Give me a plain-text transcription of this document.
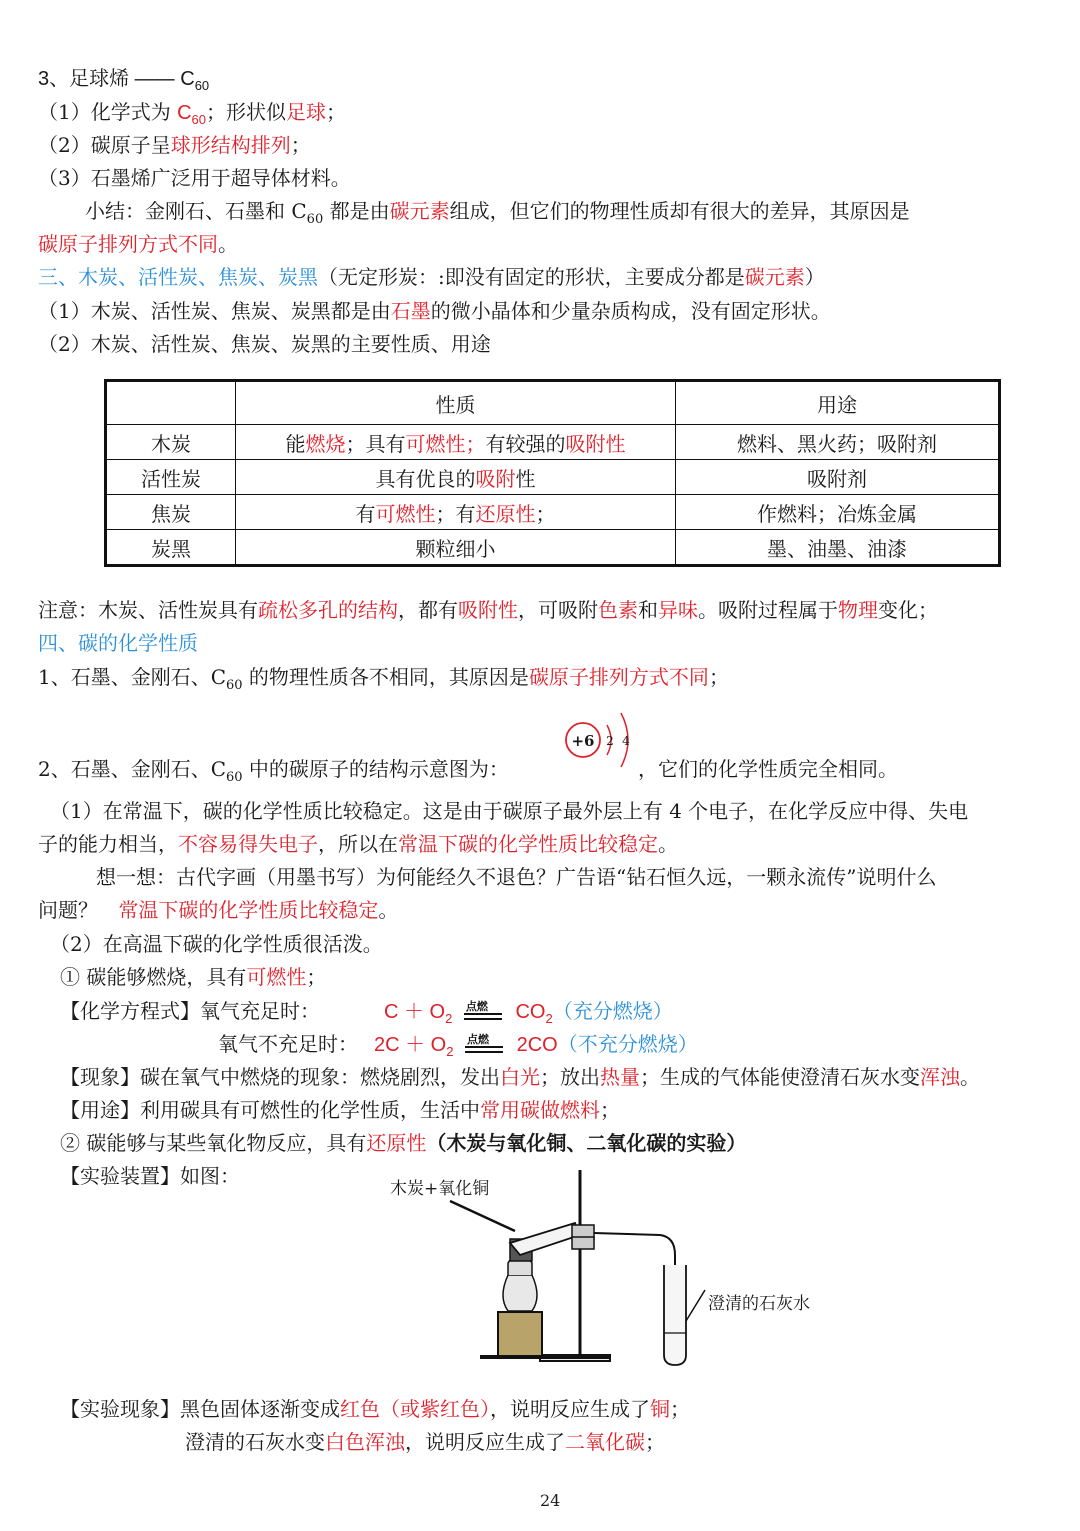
3、足球烯 —— $C_{60}$
（1）化学式为 $C_{60}$；形状似足球；
（2）碳原子呈球形结构排列；
（3）石墨烯广泛用于超导体材料。
小结：金刚石、石墨和 $C_{60}$ 都是由碳元素组成，但它们的物理性质却有很大的差异，其原因是
碳原子排列方式不同。
三、木炭、活性炭、焦炭、炭黑（无定形炭：:即没有固定的形状，主要成分都是碳元素）
（1）木炭、活性炭、焦炭、炭黑都是由石墨的微小晶体和少量杂质构成，没有固定形状。
（2）木炭、活性炭、焦炭、炭黑的主要性质、用途
	性质	用途
木炭	能燃烧；具有可燃性；有较强的吸附性	燃料、黑火药；吸附剂
活性炭	具有优良的吸附性	吸附剂
焦炭	有可燃性；有还原性；	作燃料；冶炼金属
炭黑	颗粒细小	墨、油墨、油漆
注意：木炭、活性炭具有疏松多孔的结构，都有吸附性，可吸附色素和异味。吸附过程属于物理变化；
四、碳的化学性质
1、石墨、金刚石、$C_{60}$ 的物理性质各不相同，其原因是碳原子排列方式不同；
+6 2 4
2、石墨、金刚石、$C_{60}$ 中的碳原子的结构示意图为：	，它们的化学性质完全相同。
（1）在常温下，碳的化学性质比较稳定。这是由于碳原子最外层上有 4 个电子，在化学反应中得、失电
子的能力相当，不容易得失电子，所以在常温下碳的化学性质比较稳定。
想一想：古代字画（用墨书写）为何能经久不退色？广告语“钻石恒久远，一颗永流传”说明什么
问题？ 常温下碳的化学性质比较稳定。
（2）在高温下碳的化学性质很活泼。
① 碳能够燃烧，具有可燃性；
【化学方程式】氧气充足时：	$C + O_2$
点燃 $CO_2$（充分燃烧）
氧气不充足时： $2C + O_2$
点燃 2CO（不充分燃烧）
【现象】碳在氧气中燃烧的现象：燃烧剧烈，发出白光；放出热量；生成的气体能使澄清石灰水变浑浊。
【用途】利用碳具有可燃性的化学性质，生活中常用碳做燃料；
② 碳能够与某些氧化物反应，具有还原性（木炭与氧化铜、二氧化碳的实验）
【实验装置】如图：
木炭+氧化铜
澄清的石灰水
【实验现象】黑色固体逐渐变成红色（或紫红色），说明反应生成了铜；
澄清的石灰水变白色浑浊，说明反应生成了二氧化碳；
24
